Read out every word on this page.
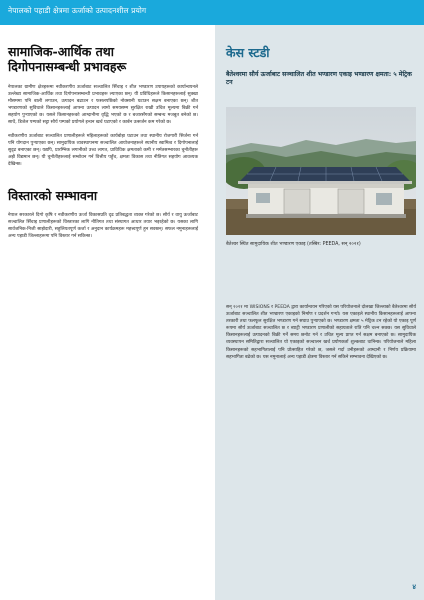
नेपालको पहाडी क्षेत्रमा ऊर्जाको उत्पादनशील प्रयोग
सामाजिक-आर्थिक तथा दिगोपनासम्बन्धी प्रभावहरू

नेपालका ग्रामीण क्षेत्रहरूमा नवीकरणीय ऊर्जाबाट सञ्चालित सिँचाइ र शीत भण्डारण उपायहरूको कार्यान्वयनले उल्लेख्य सामाजिक-आर्थिक तथा दिगोपनासम्बन्धी प्रभावहरू ल्याएका छन्। यी प्रविधिहरूले किसानहरूलाई सुक्खा मौसममा पनि बाली लगाउन, उत्पादन बढाउन र फसलपछिको नोक्सानी घटाउन सक्षम बनाएका छन्। शीत भण्डारणको सुविधाले किसानहरूलाई आफ्ना उत्पादन लामो समयसम्म सुरक्षित राखी उचित मूल्यमा बिक्री गर्न सहयोग पुर्‍याएको छ। यसले किसानहरूको आम्दानीमा वृद्धि भएको छ र बजारसँगको सम्बन्ध मजबुत बनेको छ। साथै, डिजेल पम्पको सट्टा सौर्य पम्पको प्रयोगले इन्धन खर्च घटाएको र कार्बन उत्सर्जन कम गरेको छ।

नवीकरणीय ऊर्जाबाट सञ्चालित प्रणालीहरूले महिलाहरूको कार्यबोझ घटाउन तथा स्थानीय रोजगारी सिर्जना गर्न पनि योगदान पुर्‍याएका छन्। सामुदायिक व्यवस्थापनमा सञ्चालित आयोजनाहरूले स्थानीय स्वामित्व र दिगोपनालाई सुदृढ बनाएका छन्। यद्यपि, प्रारम्भिक लगानीको उच्च लागत, प्राविधिक क्षमताको कमी र मर्मतसम्भारका चुनौतीहरू अझै विद्यमान छन्। यी चुनौतीहरूलाई सम्बोधन गर्न वित्तीय पहुँच, क्षमता विकास तथा नीतिगत सहयोग आवश्यक देखिन्छ।

विस्तारको सम्भावना

नेपाल सरकारले दिगो कृषि र नवीकरणीय ऊर्जा विकासप्रति दृढ प्रतिबद्धता व्यक्त गरेको छ। सौर्य र वायु ऊर्जाबाट सञ्चालित सिँचाइ प्रणालीहरूको विस्तारका लागि नीतिगत तथा संस्थागत आधार तयार भइरहेको छ। यसका लागि सार्वजनिक-निजी साझेदारी, सहुलियतपूर्ण कर्जा र अनुदान कार्यक्रमहरू महत्त्वपूर्ण हुन सक्छन्। सफल नमुनाहरूलाई अन्य पहाडी जिल्लाहरूमा पनि विस्तार गर्न सकिन्छ।

केस स्टडी
बैतेश्वरमा सौर्य ऊर्जाबाट सञ्चालित शीत भण्डारण एकाइ भण्डारण क्षमता: ५ मेट्रिक टन
बैतेश्वर स्थित सामुदायिक शीत भण्डारण एकाइ (तस्बिर: PEEDA, सन् २०२१)

सन् २०२१ मा WISIONS र PEEDA द्वारा कार्यान्वयन गरिएको यस परियोजनाले दोलखा जिल्लाको बैतेश्वरमा सौर्य ऊर्जाबाट सञ्चालित शीत भण्डारण एकाइको निर्माण र प्रदर्शन गर्‍यो। यस एकाइले स्थानीय किसानहरूलाई आफ्ना तरकारी तथा फलफूल सुरक्षित भण्डारण गर्न सघाउ पुर्‍याएको छ। भण्डारण क्षमता ५ मेट्रिक टन रहेको यो एकाइ पूर्ण रूपमा सौर्य ऊर्जाबाट सञ्चालित छ र ब्याट्री भण्डारण प्रणालीको सहायताले राति पनि चल्न सक्छ। यस सुविधाले किसानहरूलाई उत्पादनको बिक्री गर्ने समय छनोट गर्न र उचित मूल्य प्राप्त गर्न सक्षम बनाएको छ। सामुदायिक व्यवस्थापन समितिद्वारा सञ्चालित यो एकाइको सञ्चालन खर्च प्रयोगकर्ता शुल्कबाट धानिन्छ। परियोजनाले महिला किसानहरूको सहभागितालाई पनि प्रोत्साहित गरेको छ, जसले गर्दा उनीहरूको आम्दानी र निर्णय प्रक्रियामा सहभागिता बढेको छ। यस नमुनालाई अन्य पहाडी क्षेत्रमा विस्तार गर्न सकिने सम्भावना देखिएको छ।

४
